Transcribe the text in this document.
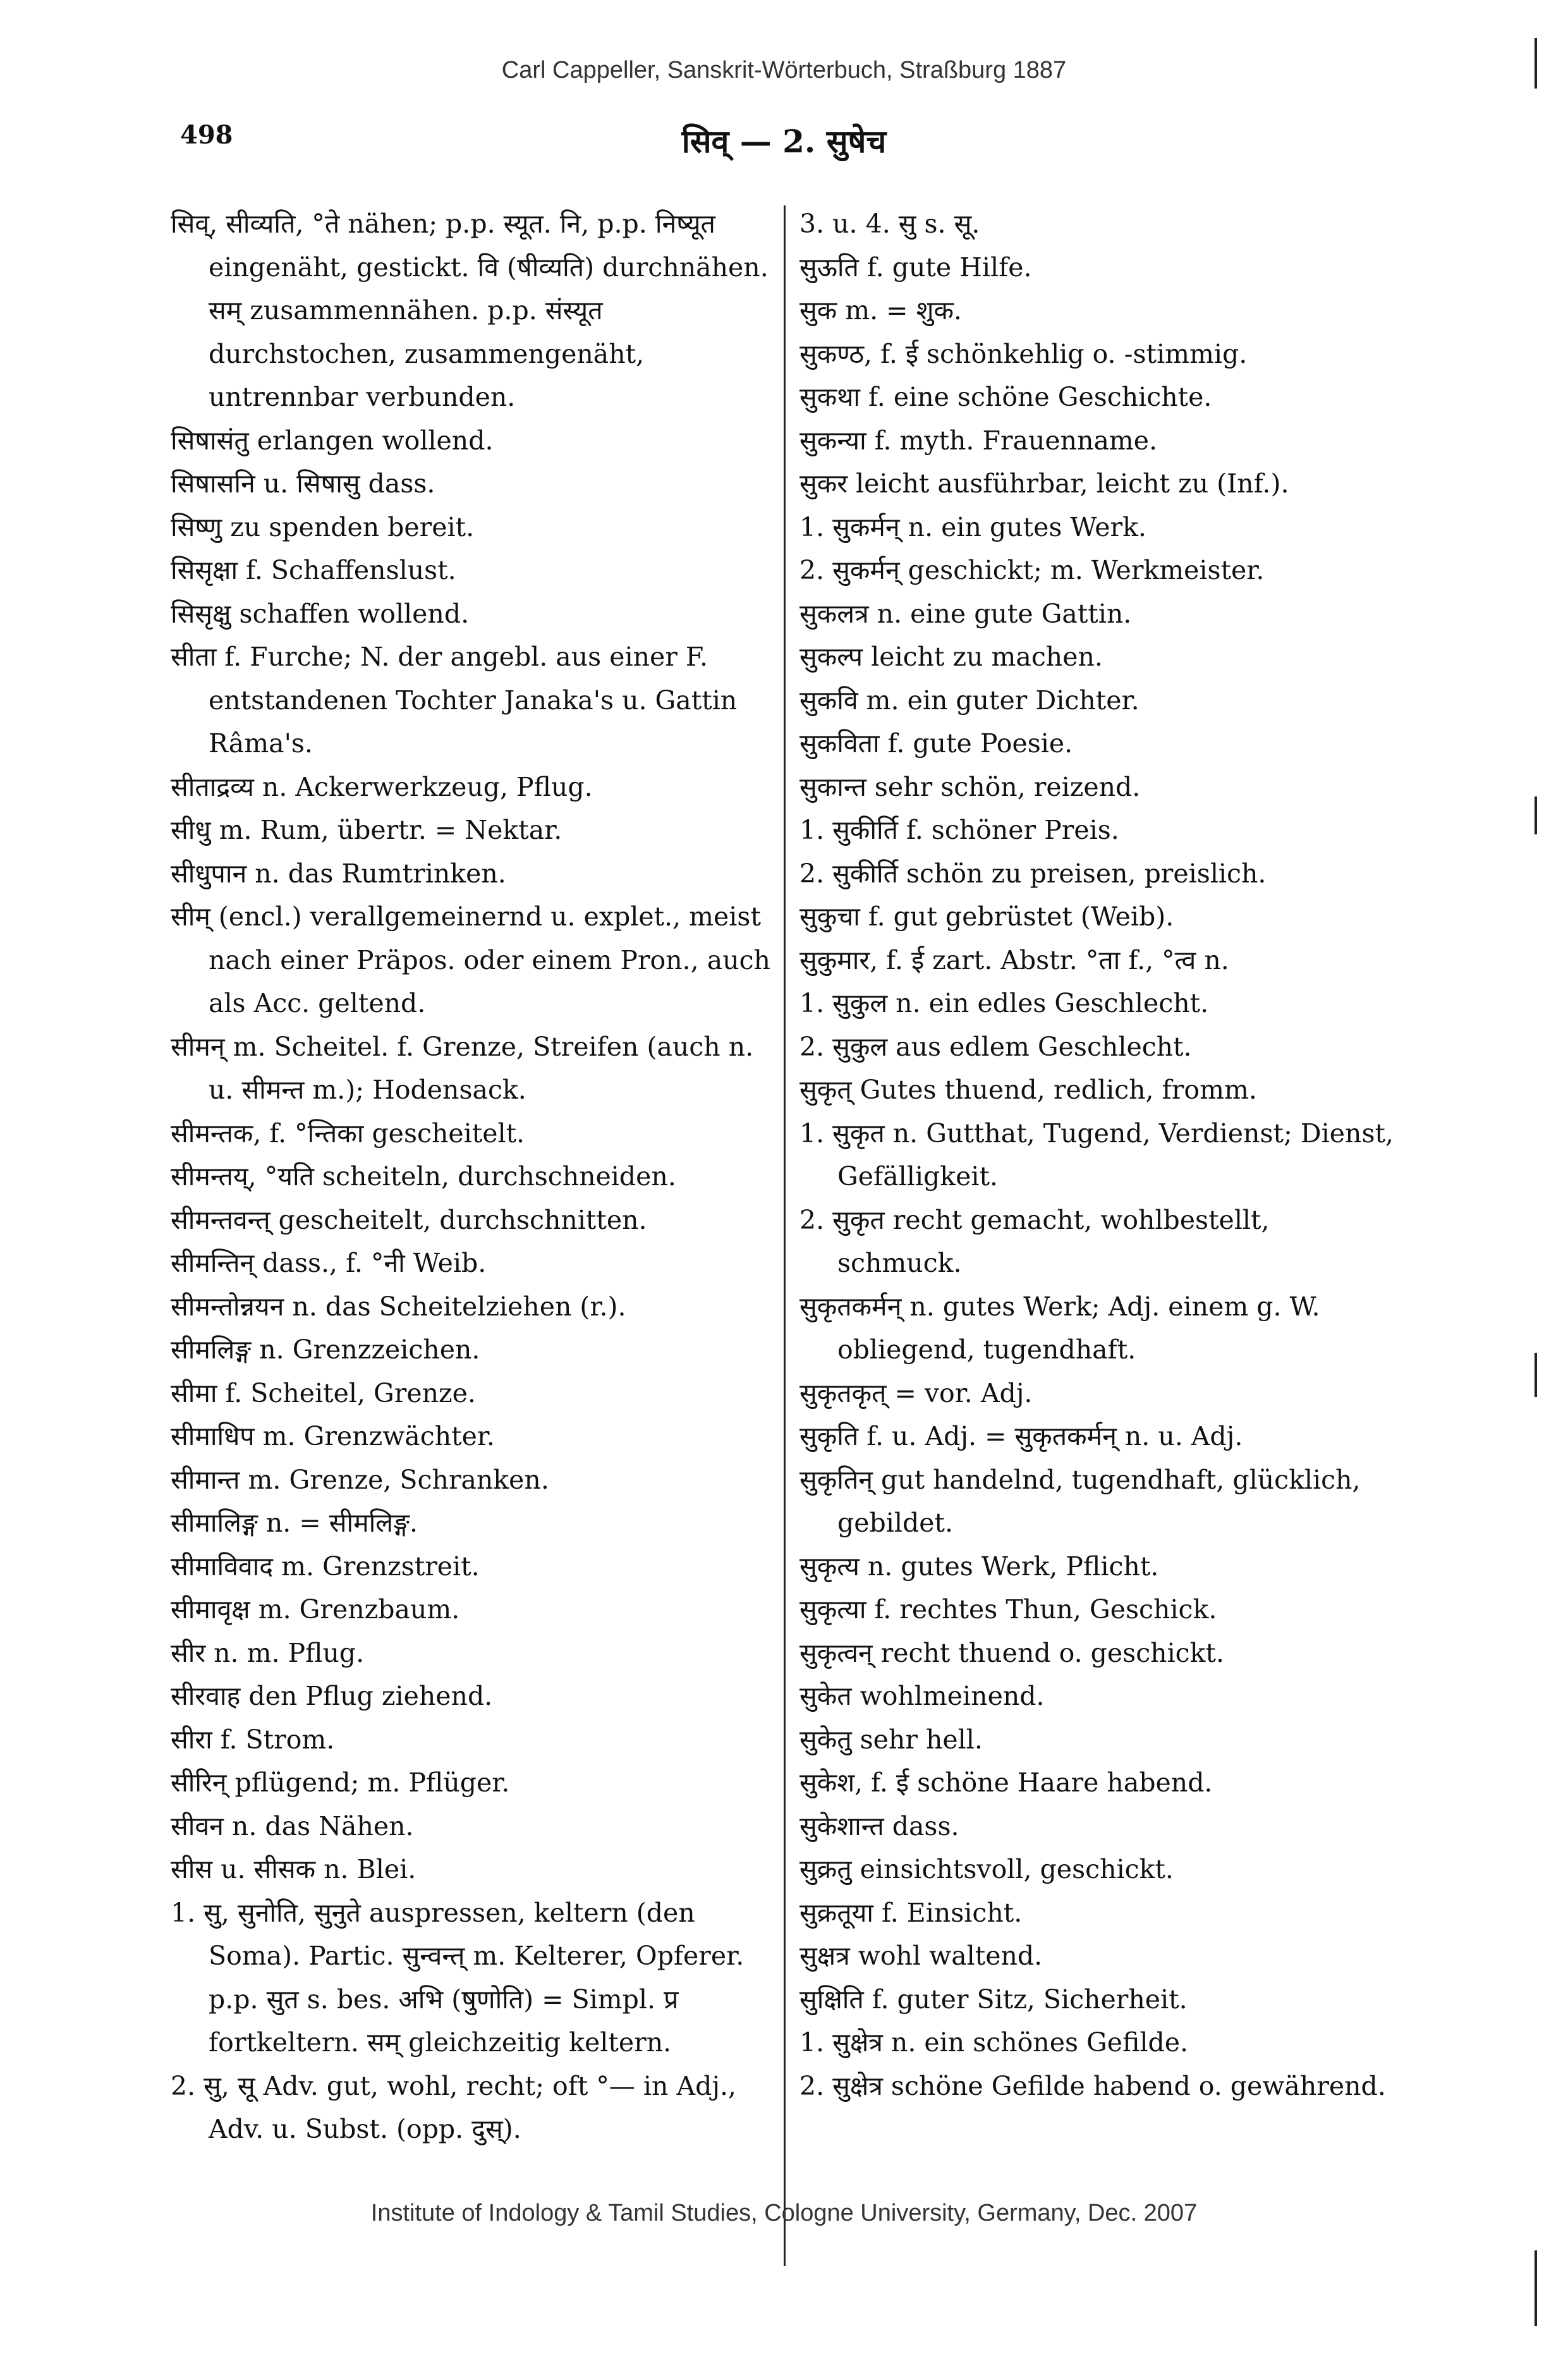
Carl Cappeller, Sanskrit-Wörterbuch, Straßburg 1887
498	सिव् — 2. सुषेच

सिव्, सीव्यति, °ते nähen; p.p. स्यूत. नि, p.p. निष्यूत eingenäht, gestickt. वि (षीव्यति) durchnähen. सम् zusammennähen. p.p. संस्यूत durchstochen, zusammengenäht, untrennbar verbunden.

सिषासंतु erlangen wollend.

सिषासनि u. सिषासु dass.

सिष्णु zu spenden bereit.

सिसृक्षा f. Schaffenslust.

सिसृक्षु schaffen wollend.

सीता f. Furche; N. der angebl. aus einer F. entstandenen Tochter Janaka's u. Gattin Râma's.

सीताद्रव्य n. Ackerwerkzeug, Pflug.

सीधु m. Rum, übertr. = Nektar.

सीधुपान n. das Rumtrinken.

सीम् (encl.) verallgemeinernd u. explet., meist nach einer Präpos. oder einem Pron., auch als Acc. geltend.

सीमन् m. Scheitel. f. Grenze, Streifen (auch n. u. सीमन्त m.); Hodensack.

सीमन्तक, f. °न्तिका gescheitelt.

सीमन्तय्, °यति scheiteln, durchschneiden.

सीमन्तवन्त् gescheitelt, durchschnitten.

सीमन्तिन् dass., f. °नी Weib.

सीमन्तोन्नयन n. das Scheitelziehen (r.).

सीमलिङ्ग n. Grenzzeichen.

सीमा f. Scheitel, Grenze.

सीमाधिप m. Grenzwächter.

सीमान्त m. Grenze, Schranken.

सीमालिङ्ग n. = सीमलिङ्ग.

सीमाविवाद m. Grenzstreit.

सीमावृक्ष m. Grenzbaum.

सीर n. m. Pflug.

सीरवाह den Pflug ziehend.

सीरा f. Strom.

सीरिन् pflügend; m. Pflüger.

सीवन n. das Nähen.

सीस u. सीसक n. Blei.

1. सु, सुनोति, सुनुते auspressen, keltern (den Soma). Partic. सुन्वन्त् m. Kelterer, Opferer. p.p. सुत s. bes. अभि (षुणोति) = Simpl. प्र fortkeltern. सम् gleichzeitig keltern.

2. सु, सू Adv. gut, wohl, recht; oft °— in Adj., Adv. u. Subst. (opp. दुस्).

3. u. 4. सु s. सू.

सुऊति f. gute Hilfe.

सुक m. = शुक.

सुकण्ठ, f. ई schönkehlig o. -stimmig.

सुकथा f. eine schöne Geschichte.

सुकन्या f. myth. Frauenname.

सुकर leicht ausführbar, leicht zu (Inf.).

1. सुकर्मन् n. ein gutes Werk.

2. सुकर्मन् geschickt; m. Werkmeister.

सुकलत्र n. eine gute Gattin.

सुकल्प leicht zu machen.

सुकवि m. ein guter Dichter.

सुकविता f. gute Poesie.

सुकान्त sehr schön, reizend.

1. सुकीर्ति f. schöner Preis.

2. सुकीर्ति schön zu preisen, preislich.

सुकुचा f. gut gebrüstet (Weib).

सुकुमार, f. ई zart. Abstr. °ता f., °त्व n.

1. सुकुल n. ein edles Geschlecht.

2. सुकुल aus edlem Geschlecht.

सुकृत् Gutes thuend, redlich, fromm.

1. सुकृत n. Gutthat, Tugend, Verdienst; Dienst, Gefälligkeit.

2. सुकृत recht gemacht, wohlbestellt, schmuck.

सुकृतकर्मन् n. gutes Werk; Adj. einem g. W. obliegend, tugendhaft.

सुकृतकृत् = vor. Adj.

सुकृति f. u. Adj. = सुकृतकर्मन् n. u. Adj.

सुकृतिन् gut handelnd, tugendhaft, glücklich, gebildet.

सुकृत्य n. gutes Werk, Pflicht.

सुकृत्या f. rechtes Thun, Geschick.

सुकृत्वन् recht thuend o. geschickt.

सुकेत wohlmeinend.

सुकेतु sehr hell.

सुकेश, f. ई schöne Haare habend.

सुकेशान्त dass.

सुक्रतु einsichtsvoll, geschickt.

सुक्रतूया f. Einsicht.

सुक्षत्र wohl waltend.

सुक्षिति f. guter Sitz, Sicherheit.

1. सुक्षेत्र n. ein schönes Gefilde.

2. सुक्षेत्र schöne Gefilde habend o. gewährend.

Institute of Indology & Tamil Studies, Cologne University, Germany, Dec. 2007
